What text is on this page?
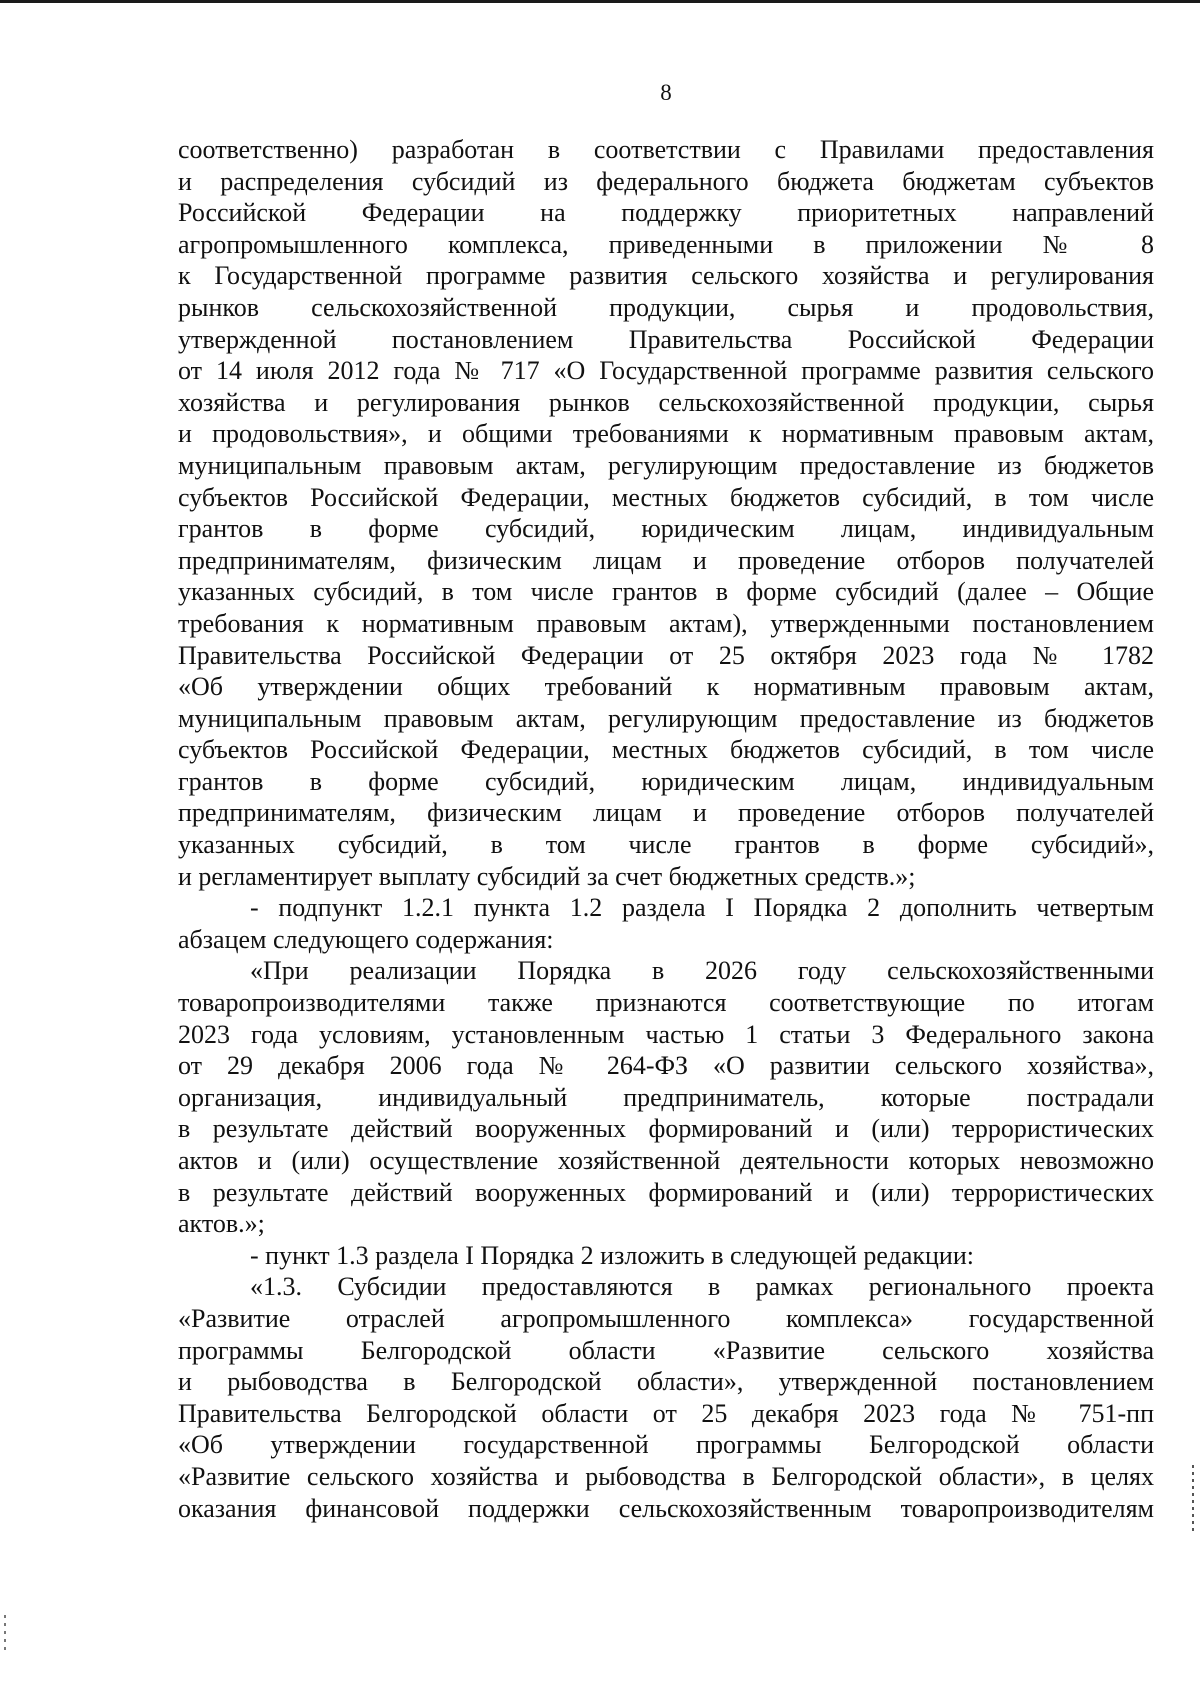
8
соответственно) разработан в соответствии с Правилами предоставления
и распределения субсидий из федерального бюджета бюджетам субъектов
Российской Федерации на поддержку приоритетных направлений
агропромышленного комплекса, приведенными в приложении № 8
к Государственной программе развития сельского хозяйства и регулирования
рынков сельскохозяйственной продукции, сырья и продовольствия,
утвержденной постановлением Правительства Российской Федерации
от 14 июля 2012 года № 717 «О Государственной программе развития сельского
хозяйства и регулирования рынков сельскохозяйственной продукции, сырья
и продовольствия», и общими требованиями к нормативным правовым актам,
муниципальным правовым актам, регулирующим предоставление из бюджетов
субъектов Российской Федерации, местных бюджетов субсидий, в том числе
грантов в форме субсидий, юридическим лицам, индивидуальным
предпринимателям, физическим лицам и проведение отборов получателей
указанных субсидий, в том числе грантов в форме субсидий (далее – Общие
требования к нормативным правовым актам), утвержденными постановлением
Правительства Российской Федерации от 25 октября 2023 года № 1782
«Об утверждении общих требований к нормативным правовым актам,
муниципальным правовым актам, регулирующим предоставление из бюджетов
субъектов Российской Федерации, местных бюджетов субсидий, в том числе
грантов в форме субсидий, юридическим лицам, индивидуальным
предпринимателям, физическим лицам и проведение отборов получателей
указанных субсидий, в том числе грантов в форме субсидий»,
и регламентирует выплату субсидий за счет бюджетных средств.»;
- подпункт 1.2.1 пункта 1.2 раздела I Порядка 2 дополнить четвертым
абзацем следующего содержания:
«При реализации Порядка в 2026 году сельскохозяйственными
товаропроизводителями также признаются соответствующие по итогам
2023 года условиям, установленным частью 1 статьи 3 Федерального закона
от 29 декабря 2006 года № 264-ФЗ «О развитии сельского хозяйства»,
организация, индивидуальный предприниматель, которые пострадали
в результате действий вооруженных формирований и (или) террористических
актов и (или) осуществление хозяйственной деятельности которых невозможно
в результате действий вооруженных формирований и (или) террористических
актов.»;
- пункт 1.3 раздела I Порядка 2 изложить в следующей редакции:
«1.3. Субсидии предоставляются в рамках регионального проекта
«Развитие отраслей агропромышленного комплекса» государственной
программы Белгородской области «Развитие сельского хозяйства
и рыбоводства в Белгородской области», утвержденной постановлением
Правительства Белгородской области от 25 декабря 2023 года № 751-пп
«Об утверждении государственной программы Белгородской области
«Развитие сельского хозяйства и рыбоводства в Белгородской области», в целях
оказания финансовой поддержки сельскохозяйственным товаропроизводителям
